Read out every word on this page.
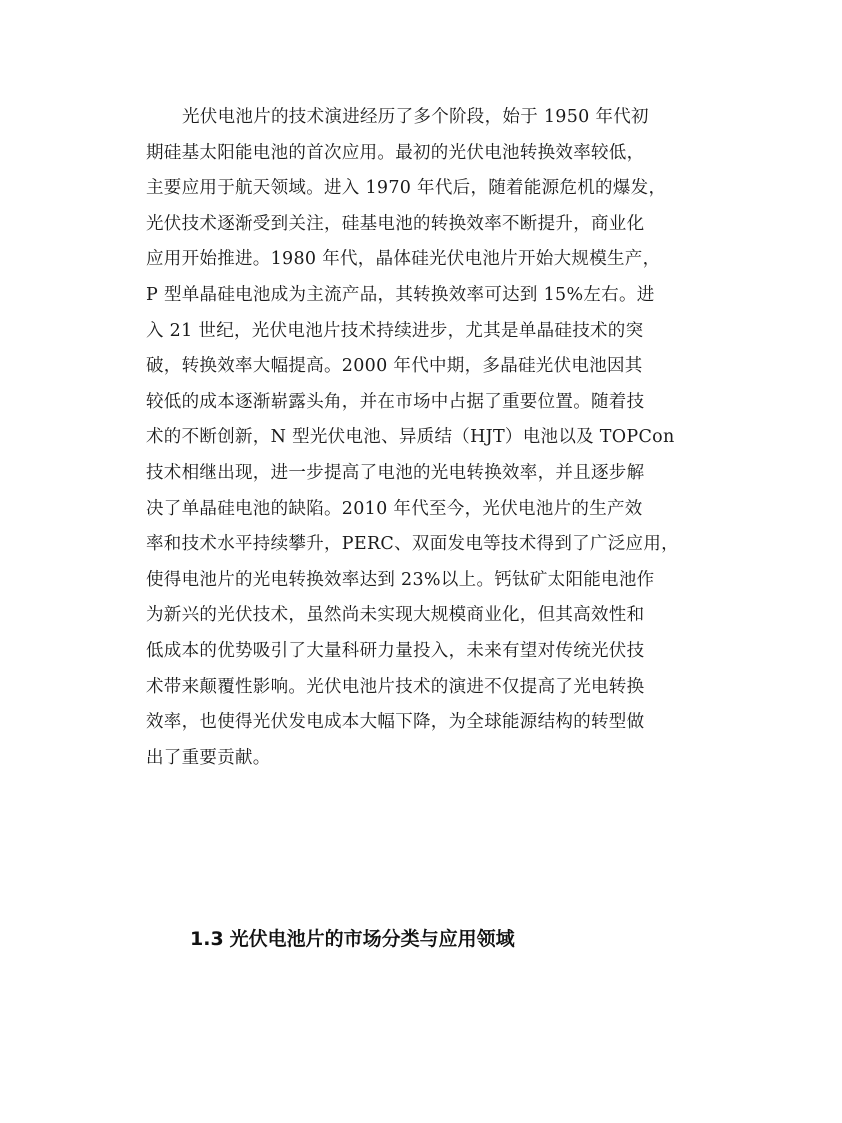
光伏电池片的技术演进经历了多个阶段，始于 1950 年代初
期硅基太阳能电池的首次应用。最初的光伏电池转换效率较低，
主要应用于航天领域。进入 1970 年代后，随着能源危机的爆发，
光伏技术逐渐受到关注，硅基电池的转换效率不断提升，商业化
应用开始推进。1980 年代，晶体硅光伏电池片开始大规模生产，
P 型单晶硅电池成为主流产品，其转换效率可达到 15%左右。进
入 21 世纪，光伏电池片技术持续进步，尤其是单晶硅技术的突
破，转换效率大幅提高。2000 年代中期，多晶硅光伏电池因其
较低的成本逐渐崭露头角，并在市场中占据了重要位置。随着技
术的不断创新，N 型光伏电池、异质结（HJT）电池以及 TOPCon
技术相继出现，进一步提高了电池的光电转换效率，并且逐步解
决了单晶硅电池的缺陷。2010 年代至今，光伏电池片的生产效
率和技术水平持续攀升，PERC、双面发电等技术得到了广泛应用，
使得电池片的光电转换效率达到 23%以上。钙钛矿太阳能电池作
为新兴的光伏技术，虽然尚未实现大规模商业化，但其高效性和
低成本的优势吸引了大量科研力量投入，未来有望对传统光伏技
术带来颠覆性影响。光伏电池片技术的演进不仅提高了光电转换
效率，也使得光伏发电成本大幅下降，为全球能源结构的转型做
出了重要贡献。
1.3 光伏电池片的市场分类与应用领域
